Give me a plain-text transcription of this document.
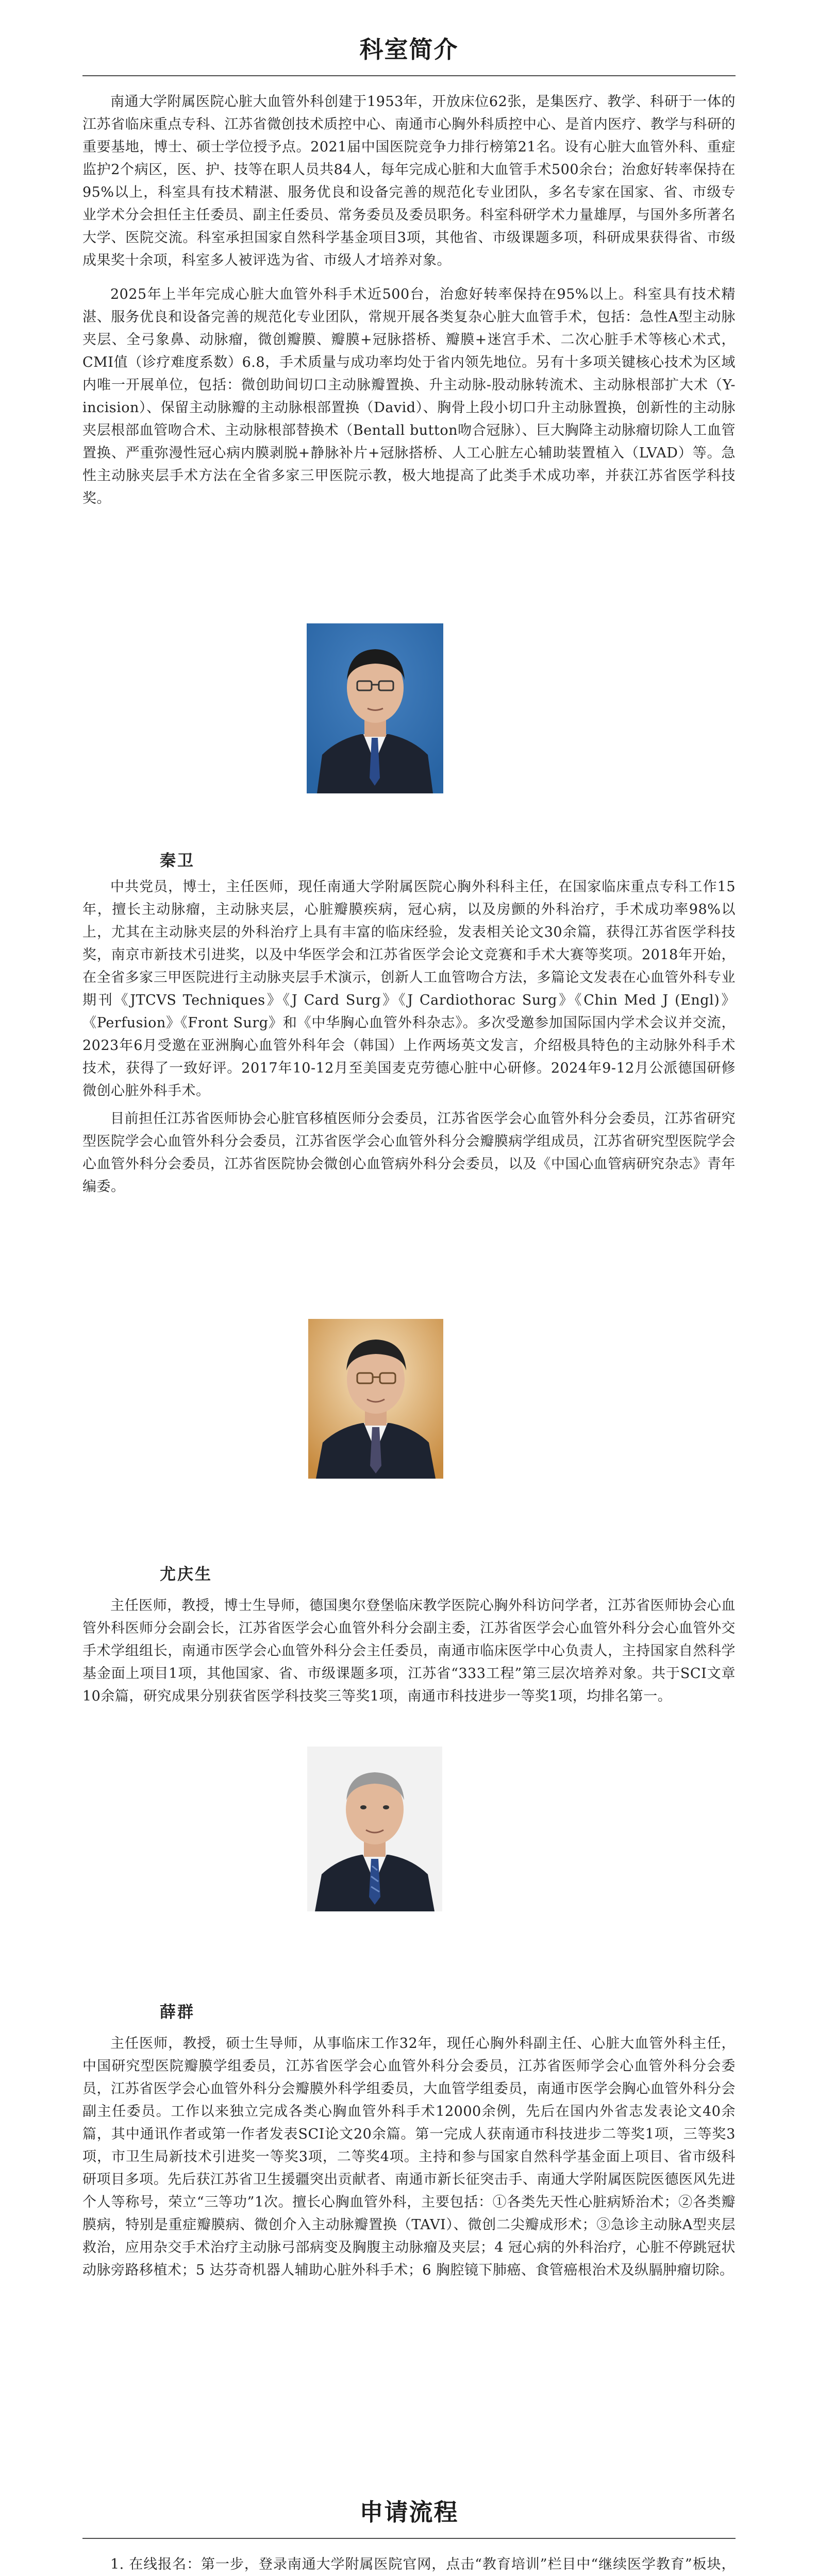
科室简介

南通大学附属医院心脏大血管外科创建于1953年，开放床位62张，是集医疗、教学、科研于一体的江苏省临床重点专科、江苏省微创技术质控中心、南通市心胸外科质控中心、是首内医疗、教学与科研的重要基地，博士、硕士学位授予点。2021届中国医院竞争力排行榜第21名。设有心脏大血管外科、重症监护2个病区，医、护、技等在职人员共84人，每年完成心脏和大血管手术500余台；治愈好转率保持在95%以上，科室具有技术精湛、服务优良和设备完善的规范化专业团队，多名专家在国家、省、市级专业学术分会担任主任委员、副主任委员、常务委员及委员职务。科室科研学术力量雄厚，与国外多所著名大学、医院交流。科室承担国家自然科学基金项目3项，其他省、市级课题多项，科研成果获得省、市级成果奖十余项，科室多人被评选为省、市级人才培养对象。

2025年上半年完成心脏大血管外科手术近500台，治愈好转率保持在95%以上。科室具有技术精湛、服务优良和设备完善的规范化专业团队，常规开展各类复杂心脏大血管手术，包括：急性A型主动脉夹层、全弓象鼻、动脉瘤，微创瓣膜、瓣膜+冠脉搭桥、瓣膜+迷宫手术、二次心脏手术等核心术式，CMI值（诊疗难度系数）6.8，手术质量与成功率均处于省内领先地位。另有十多项关键核心技术为区域内唯一开展单位，包括：微创助间切口主动脉瓣置换、升主动脉-股动脉转流术、主动脉根部扩大术（Y-incision）、保留主动脉瓣的主动脉根部置换（David）、胸骨上段小切口升主动脉置换，创新性的主动脉夹层根部血管吻合术、主动脉根部替换术（Bentall button吻合冠脉）、巨大胸降主动脉瘤切除人工血管置换、严重弥漫性冠心病内膜剥脱+静脉补片+冠脉搭桥、人工心脏左心辅助装置植入（LVAD）等。急性主动脉夹层手术方法在全省多家三甲医院示教，极大地提高了此类手术成功率，并获江苏省医学科技奖。

秦卫

中共党员，博士，主任医师，现任南通大学附属医院心胸外科科主任，在国家临床重点专科工作15年，擅长主动脉瘤，主动脉夹层，心脏瓣膜疾病，冠心病，以及房颤的外科治疗，手术成功率98%以上，尤其在主动脉夹层的外科治疗上具有丰富的临床经验，发表相关论文30余篇，获得江苏省医学科技奖，南京市新技术引进奖，以及中华医学会和江苏省医学会论文竞赛和手术大赛等奖项。2018年开始，在全省多家三甲医院进行主动脉夹层手术演示，创新人工血管吻合方法，多篇论文发表在心血管外科专业期刊《JTCVS Techniques》《J Card Surg》《J Cardiothorac Surg》《Chin Med J (Engl)》《Perfusion》《Front Surg》和《中华胸心血管外科杂志》。多次受邀参加国际国内学术会议并交流，2023年6月受邀在亚洲胸心血管外科年会（韩国）上作两场英文发言，介绍极具特色的主动脉外科手术技术，获得了一致好评。2017年10-12月至美国麦克劳德心脏中心研修。2024年9-12月公派德国研修微创心脏外科手术。

目前担任江苏省医师协会心脏官移植医师分会委员，江苏省医学会心血管外科分会委员，江苏省研究型医院学会心血管外科分会委员，江苏省医学会心血管外科分会瓣膜病学组成员，江苏省研究型医院学会心血管外科分会委员，江苏省医院协会微创心血管病外科分会委员，以及《中国心血管病研究杂志》青年编委。

尤庆生

主任医师，教授，博士生导师，德国奥尔登堡临床教学医院心胸外科访问学者，江苏省医师协会心血管外科医师分会副会长，江苏省医学会心血管外科分会副主委，江苏省医学会心血管外科分会心血管外交手术学组组长，南通市医学会心血管外科分会主任委员，南通市临床医学中心负责人，主持国家自然科学基金面上项目1项，其他国家、省、市级课题多项，江苏省“333工程”第三层次培养对象。共于SCI文章10余篇，研究成果分别获省医学科技奖三等奖1项，南通市科技进步一等奖1项，均排名第一。

薛群

主任医师，教授，硕士生导师，从事临床工作32年，现任心胸外科副主任、心脏大血管外科主任，中国研究型医院瓣膜学组委员，江苏省医学会心血管外科分会委员，江苏省医师学会心血管外科分会委员，江苏省医学会心血管外科分会瓣膜外科学组委员，大血管学组委员，南通市医学会胸心血管外科分会副主任委员。工作以来独立完成各类心胸血管外科手术12000余例，先后在国内外省志发表论文40余篇，其中通讯作者或第一作者发表SCI论文20余篇。第一完成人获南通市科技进步二等奖1项，三等奖3项，市卫生局新技术引进奖一等奖3项，二等奖4项。主持和参与国家自然科学基金面上项目、省市级科研项目多项。先后获江苏省卫生援疆突出贡献者、南通市新长征突击手、南通大学附属医院医德医风先进个人等称号，荣立“三等功”1次。擅长心胸血管外科，主要包括：①各类先天性心脏病矫治术；②各类瓣膜病，特别是重症瓣膜病、微创介入主动脉瓣置换（TAVI）、微创二尖瓣成形术；③急诊主动脉A型夹层救治，应用杂交手术治疗主动脉弓部病变及胸腹主动脉瘤及夹层；4 冠心病的外科治疗，心脏不停跳冠状动脉旁路移植术；5 达芬奇机器人辅助心脏外科手术；6 胸腔镜下肺癌、食管癌根治术及纵膈肿瘤切除。

申请流程

1. 在线报名：第一步，登录南通大学附属医院官网，点击“教育培训”栏目中“继续医学教育”板块，
